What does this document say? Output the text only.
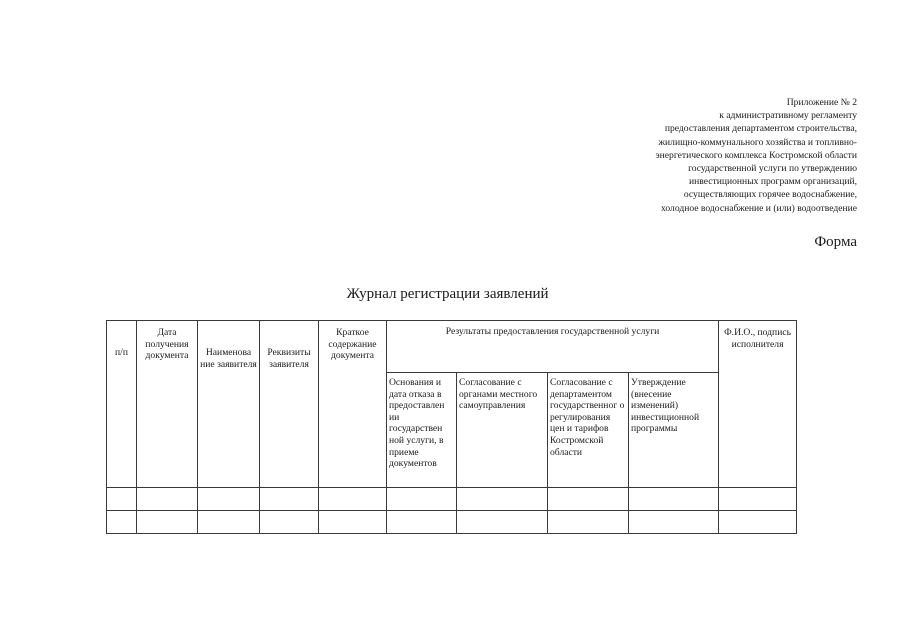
Приложение № 2
к административному регламенту
предоставления департаментом строительства,
жилищно-коммунального хозяйства и топливно-
энергетического комплекса Костромской области
государственной услуги по утверждению
инвестиционных программ организаций,
осуществляющих горячее водоснабжение,
холодное водоснабжение и (или) водоотведение
Форма
Журнал регистрации заявлений
п/п	Дата получения документа	Наименова ние заявителя	Реквизиты заявителя	Краткое содержание документа	Результаты предоставления государственной услуги				Ф.И.О., подпись исполнителя
					Основания и дата отказа в предоставлен ии государствен ной услуги, в приеме документов	Согласование с органами местного самоуправления	Согласование с департаментом государственног о регулирования цен и тарифов Костромской области	Утверждение (внесение изменений) инвестиционной программы	
